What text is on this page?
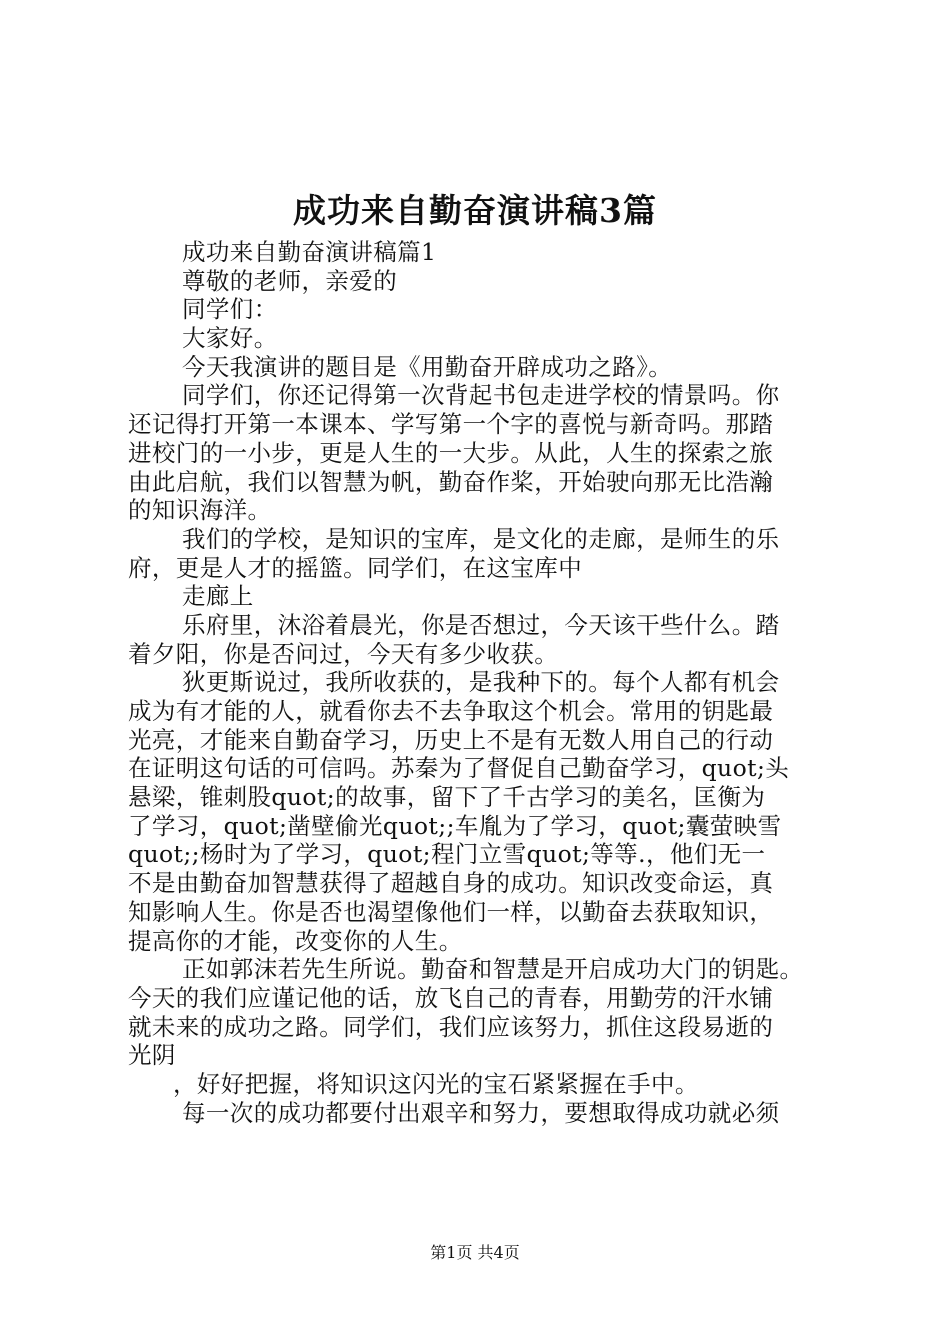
成功来自勤奋演讲稿3篇
成功来自勤奋演讲稿篇1
尊敬的老师，亲爱的
同学们：
大家好。
今天我演讲的题目是《用勤奋开辟成功之路》。
同学们，你还记得第一次背起书包走进学校的情景吗。你
还记得打开第一本课本、学写第一个字的喜悦与新奇吗。那踏
进校门的一小步，更是人生的一大步。从此，人生的探索之旅
由此启航，我们以智慧为帆，勤奋作桨，开始驶向那无比浩瀚
的知识海洋。
我们的学校，是知识的宝库，是文化的走廊，是师生的乐
府，更是人才的摇篮。同学们，在这宝库中
走廊上
乐府里，沐浴着晨光，你是否想过，今天该干些什么。踏
着夕阳，你是否问过，今天有多少收获。
狄更斯说过，我所收获的，是我种下的。每个人都有机会
成为有才能的人，就看你去不去争取这个机会。常用的钥匙最
光亮，才能来自勤奋学习，历史上不是有无数人用自己的行动
在证明这句话的可信吗。苏秦为了督促自己勤奋学习，quot;头
悬梁，锥刺股quot;的故事，留下了千古学习的美名，匡衡为
了学习，quot;凿壁偷光quot;;车胤为了学习，quot;囊萤映雪
quot;;杨时为了学习，quot;程门立雪quot;等等.，他们无一
不是由勤奋加智慧获得了超越自身的成功。知识改变命运，真
知影响人生。你是否也渴望像他们一样，以勤奋去获取知识，
提高你的才能，改变你的人生。
正如郭沫若先生所说。勤奋和智慧是开启成功大门的钥匙。
今天的我们应谨记他的话，放飞自己的青春，用勤劳的汗水铺
就未来的成功之路。同学们，我们应该努力，抓住这段易逝的
光阴
，好好把握，将知识这闪光的宝石紧紧握在手中。
每一次的成功都要付出艰辛和努力，要想取得成功就必须
第1页 共4页
